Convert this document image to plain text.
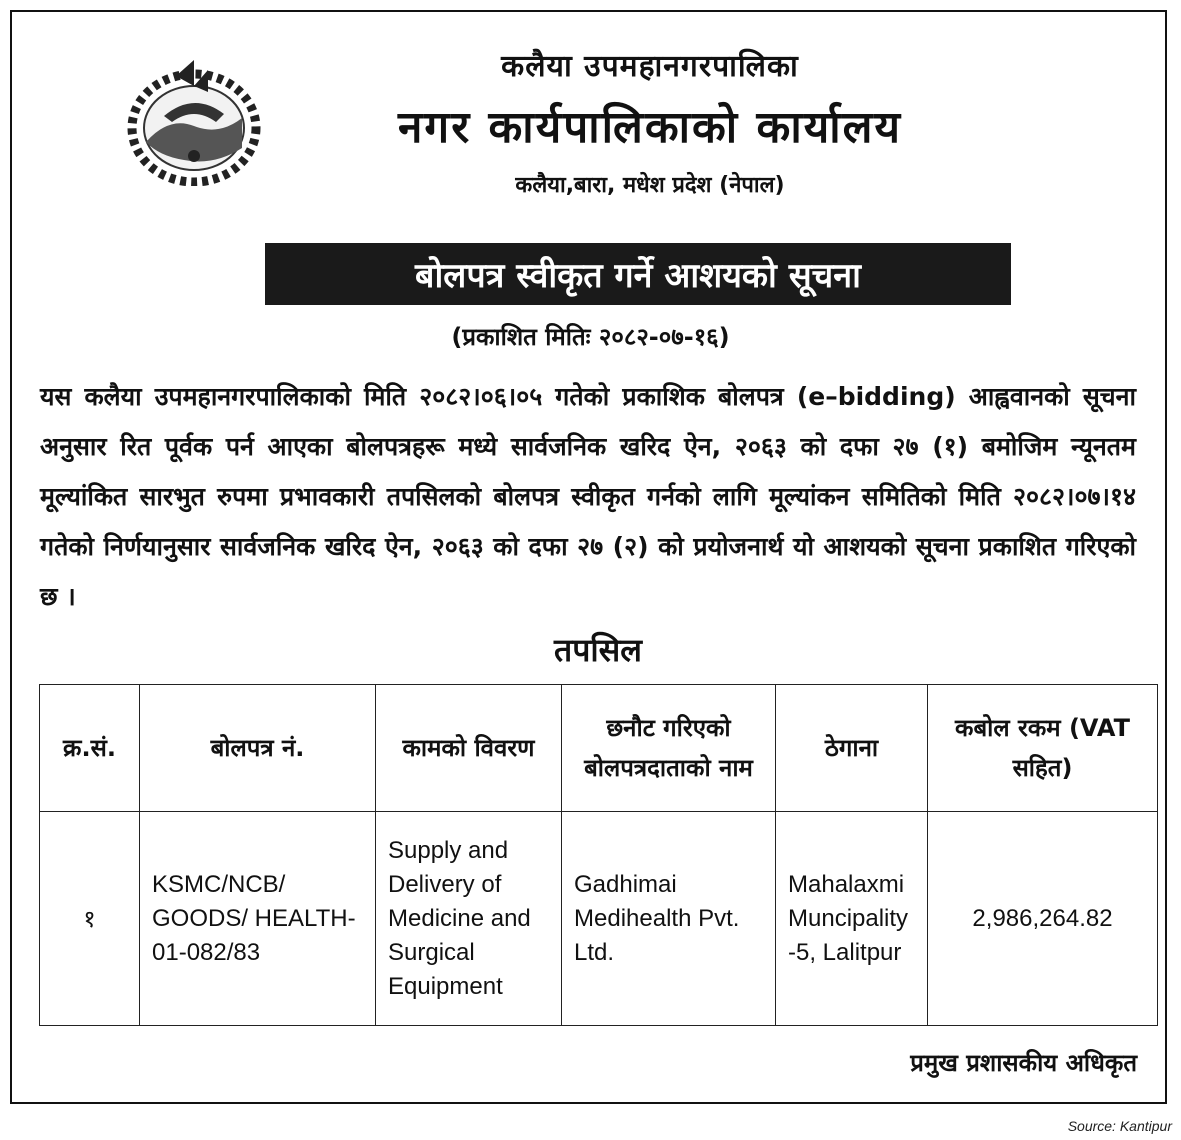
कलैया उपमहानगरपालिका
नगर कार्यपालिकाको कार्यालय
कलैया,बारा, मधेश प्रदेश (नेपाल)
बोलपत्र स्वीकृत गर्ने आशयको सूचना
(प्रकाशित मितिः २०८२-०७-१६)
यस कलैया उपमहानगरपालिकाको मिति २०८२।०६।०५ गतेको प्रकाशिक बोलपत्र (e–bidding) आह्ववानको सूचना अनुसार रित पूर्वक पर्न आएका बोलपत्रहरू मध्ये सार्वजनिक खरिद ऐन, २०६३ को दफा २७ (१) बमोजिम न्यूनतम मूल्यांकित सारभुत रुपमा प्रभावकारी तपसिलको बोलपत्र स्वीकृत गर्नको लागि मूल्यांकन समितिको मिति २०८२।०७।१४ गतेको निर्णयानुसार सार्वजनिक खरिद ऐन, २०६३ को दफा २७ (२) को प्रयोजनार्थ यो आशयको सूचना प्रकाशित गरिएको छ ।
तपसिल
क्र.सं.	बोलपत्र नं.	कामको विवरण	छनौट गरिएको बोलपत्रदाताको नाम	ठेगाना	कबोल रकम (VAT सहित)
१	KSMC/NCB/ GOODS/ HEALTH-01-082/83	Supply and Delivery of Medicine and Surgical Equipment	Gadhimai Medihealth Pvt. Ltd.	Mahalaxmi Muncipality -5, Lalitpur	2,986,264.82
प्रमुख प्रशासकीय अधिकृत
Source: Kantipur
